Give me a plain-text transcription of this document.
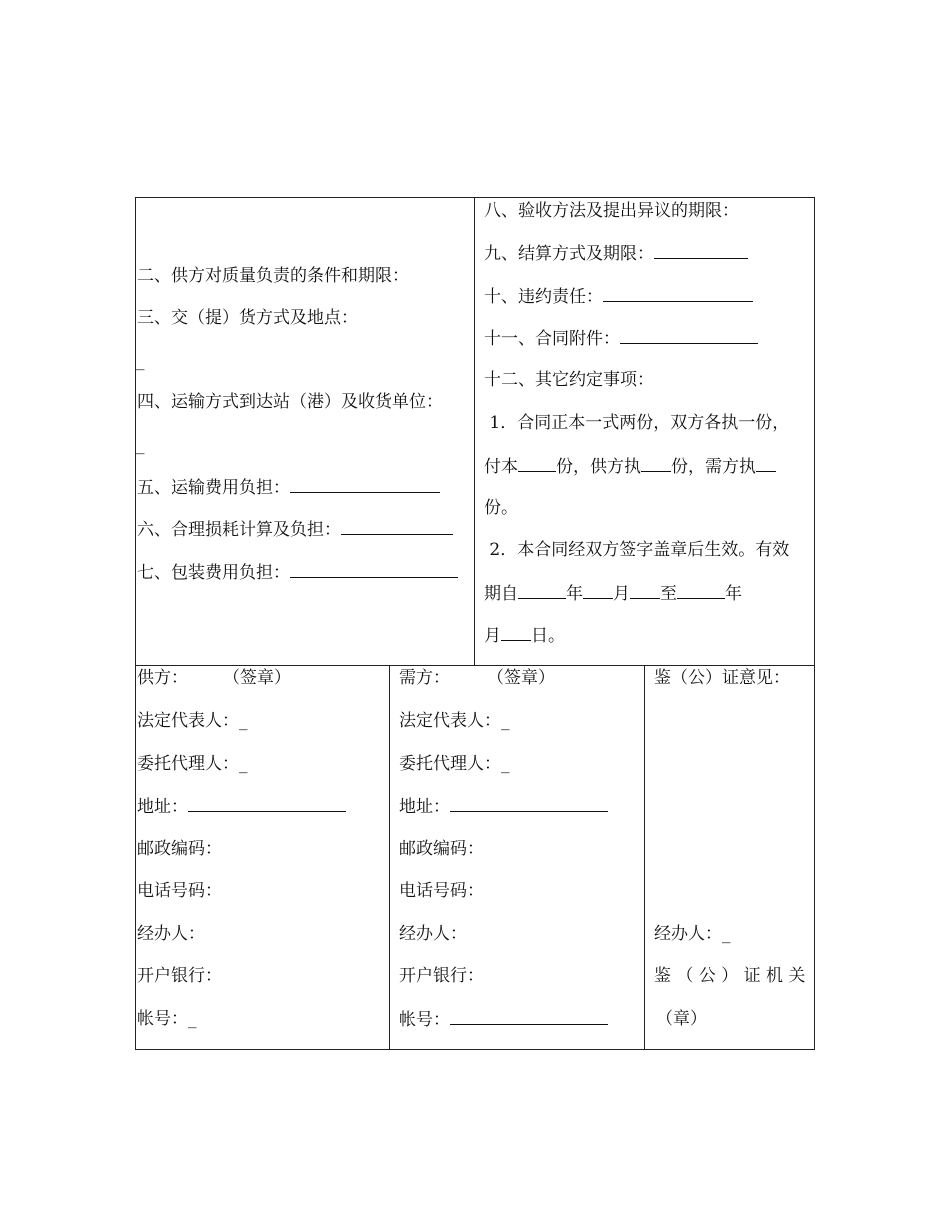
二、供方对质量负责的条件和期限：
三、交（提）货方式及地点：
_
四、运输方式到达站（港）及收货单位：
_
五、运输费用负担：
六、合理损耗计算及负担：
七、包装费用负担：
八、验收方法及提出异议的期限：
九、结算方式及期限：
十、违约责任：
十一、合同附件：
十二、其它约定事项：
1．合同正本一式两份，双方各执一份，
付本 份，供方执 份，需方执
份。
2．本合同经双方签字盖章后生效。有效
期自	年 月 至	年
月 日。
供方： （签章）
法定代表人：_
委托代理人：_
地址：
邮政编码：
电话号码：
经办人：
开户银行：
帐号：_
需方： （签章）
法定代表人：_
委托代理人：_
地址：
邮政编码：
电话号码：
经办人：
开户银行：
帐号：
鉴（公）证意见：
经办人：_
鉴 （ 公 ） 证 机 关
（章）
